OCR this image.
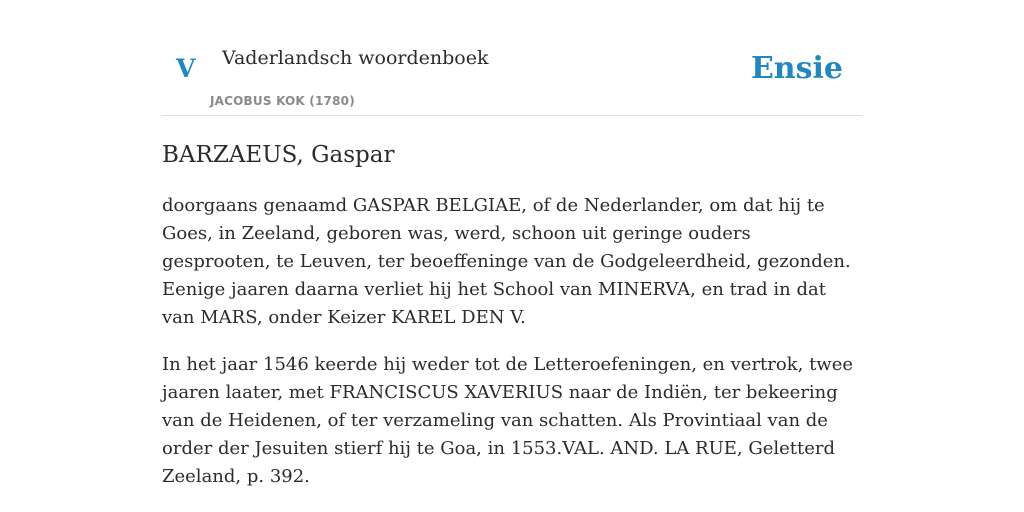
V Vaderlandsch woordenboek
JACOBUS KOK (1780)
Ensie
BARZAEUS, Gaspar

doorgaans genaamd GASPAR BELGIAE, of de Nederlander, om dat hij te Goes, in Zeeland, geboren was, werd, schoon uit geringe ouders gesprooten, te Leuven, ter beoeffeninge van de Godgeleerdheid, gezonden. Eenige jaaren daarna verliet hij het School van MINERVA, en trad in dat van MARS, onder Keizer KAREL DEN V.

In het jaar 1546 keerde hij weder tot de Letteroefeningen, en vertrok, twee jaaren laater, met FRANCISCUS XAVERIUS naar de Indiën, ter bekeering van de Heidenen, of ter verzameling van schatten. Als Provintiaal van de order der Jesuiten stierf hij te Goa, in 1553.VAL. AND. LA RUE, Geletterd Zeeland, p. 392.
